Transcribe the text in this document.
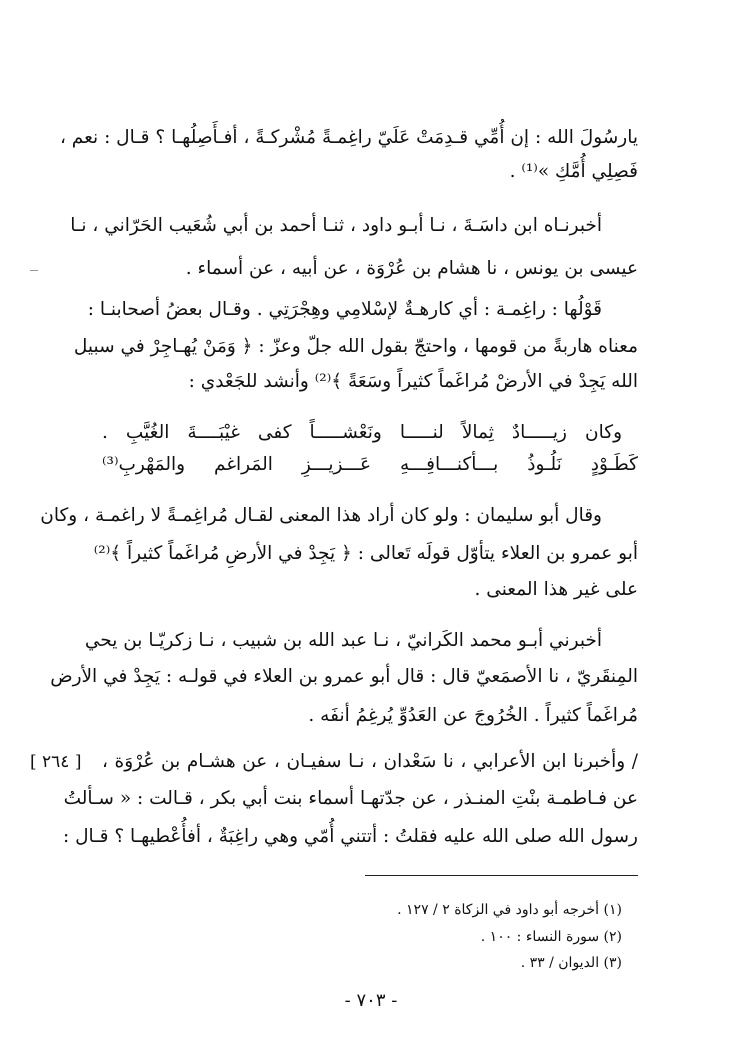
يارسُولَ الله : إن أُمِّي قـدِمَتْ عَلَيّ راغِمـةً مُشْركـةً ، أفـأَصِلُهـا ؟ قـال : نعم ،
فَصِلِي أُمَّكِ »⁽¹⁾ .
أخبرنـاه ابن داسَـةَ ، نـا أبـو داود ، ثنـا أحمد بن أبي شُعَيب الحَرّاني ، نـا
عيسى بن يونس ، نا هشام بن عُرْوَة ، عن أبيه ، عن أسماء .
قَوْلُها : راغِمـة : أي كارهـةٌ لإسْلامِي وهِجْرَتِي . وقـال بعضُ أصحابنـا :
معناه هاربةً من قومها ، واحتجّ بقول الله جلّ وعزّ : ﴿ وَمَنْ يُهـاجِرْ في سبيل
الله يَجِدْ في الأرضْ مُراغَماً كثيراً وسَعَةً ﴾⁽²⁾ وأنشد للجَعْدي :
وكان زيـــــادٌ ثِمالاً لنـــــا ونَعْشـــــاً كفى غيْبَــــةَ الغُيَّبِ .
كَطَـوْدٍ نَلُـوذُ بـــأكنـــافِـــهِ عَـــزيـــزِ المَراغم والمَهْربِ⁽³⁾
وقال أبو سليمان : ولو كان أراد هذا المعنى لقـال مُراغِمـةً لا راغمـة ، وكان
أبو عمرو بن العلاء يتأوّل قولَه تَعالى : ﴿ يَجِدْ في الأرضِ مُراغَماً كثيراً ﴾⁽²⁾
على غير هذا المعنى .
أخبرني أبـو محمد الكَرانيّ ، نـا عبد الله بن شبيب ، نـا زكريّـا بن يحي
المِنقَريّ ، نا الأصمَعيّ قال : قال أبو عمرو بن العلاء في قولـه : يَجِدْ في الأرض
مُراغَماً كثيراً . الخُرُوجَ عن العَدُوِّ يُرغِمُ أنفَه .
/ وأخبرنا ابن الأعرابي ، نا سَعْدان ، نـا سفيـان ، عن هشـام بن عُرْوَة ،
[ ٢٦٤ ]
عن فـاطمـة بنْتِ المنـذر ، عن جدّتهـا أسماء بنت أبي بكر ، قـالت : « سـألتُ
رسول الله صلى الله عليه فقلتُ : أتتني أُمّي وهي راغِبَةٌ ، أفأُعْطيهـا ؟ قـال :
(١) أخرجه أبو داود في الزكاة ٢ / ١٢٧ .
(٢) سورة النساء : ١٠٠ .
(٣) الديوان / ٣٣ .
- ٧٠٣ -
